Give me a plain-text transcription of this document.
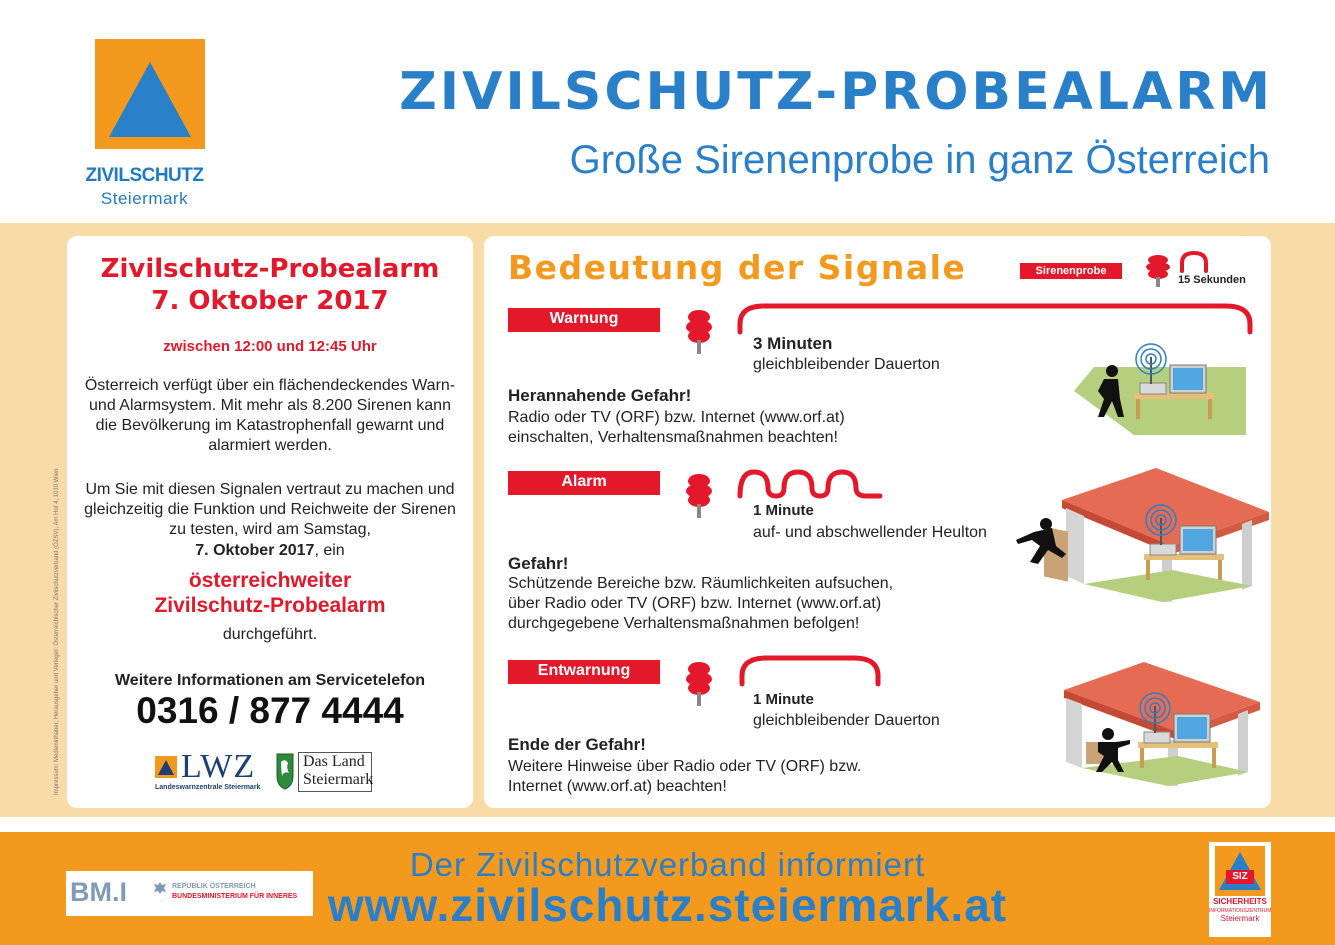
ZIVILSCHUTZ
Steiermark
ZIVILSCHUTZ-PROBEALARM
Große Sirenenprobe in ganz Österreich
Impressum: Medieninhaber, Herausgeber und Verleger: Österreichischer Zivilschutzverband (ÖZSV), Am Hof 4, 1010 Wien
Zivilschutz-Probealarm
7. Oktober 2017
zwischen 12:00 und 12:45 Uhr
Österreich verfügt über ein flächendeckendes Warn- und Alarmsystem. Mit mehr als 8.200 Sirenen kann die Bevölkerung im Katastrophenfall gewarnt und alarmiert werden.
Um Sie mit diesen Signalen vertraut zu machen und gleichzeitig die Funktion und Reichweite der Sirenen zu testen, wird am Samstag,
7. Oktober 2017, ein
österreichweiter
Zivilschutz-Probealarm
durchgeführt.
Weitere Informationen am Servicetelefon
0316 / 877 4444
LWZ
Landeswarnzentrale Steiermark
Das Land
Steiermark
Bedeutung der Signale	Sirenenprobe
15 Sekunden
Warnung
3 Minuten
gleichbleibender Dauerton
Herannahende Gefahr!
Radio oder TV (ORF) bzw. Internet (www.orf.at)
einschalten, Verhaltensmaßnahmen beachten!
Alarm
1 Minute
auf- und abschwellender Heulton
Gefahr!
Schützende Bereiche bzw. Räumlichkeiten aufsuchen,
über Radio oder TV (ORF) bzw. Internet (www.orf.at)
durchgegebene Verhaltensmaßnahmen befolgen!
Entwarnung
1 Minute
gleichbleibender Dauerton
Ende der Gefahr!
Weitere Hinweise über Radio oder TV (ORF) bzw.
Internet (www.orf.at) beachten!
Der Zivilschutzverband informiert
www.zivilschutz.steiermark.at
BM.I	REPUBLIK ÖSTERREICH
BUNDESMINISTERIUM FÜR INNERES
SIZ
SICHERHEITS
INFORMATIONSZENTRUM
Steiermark
